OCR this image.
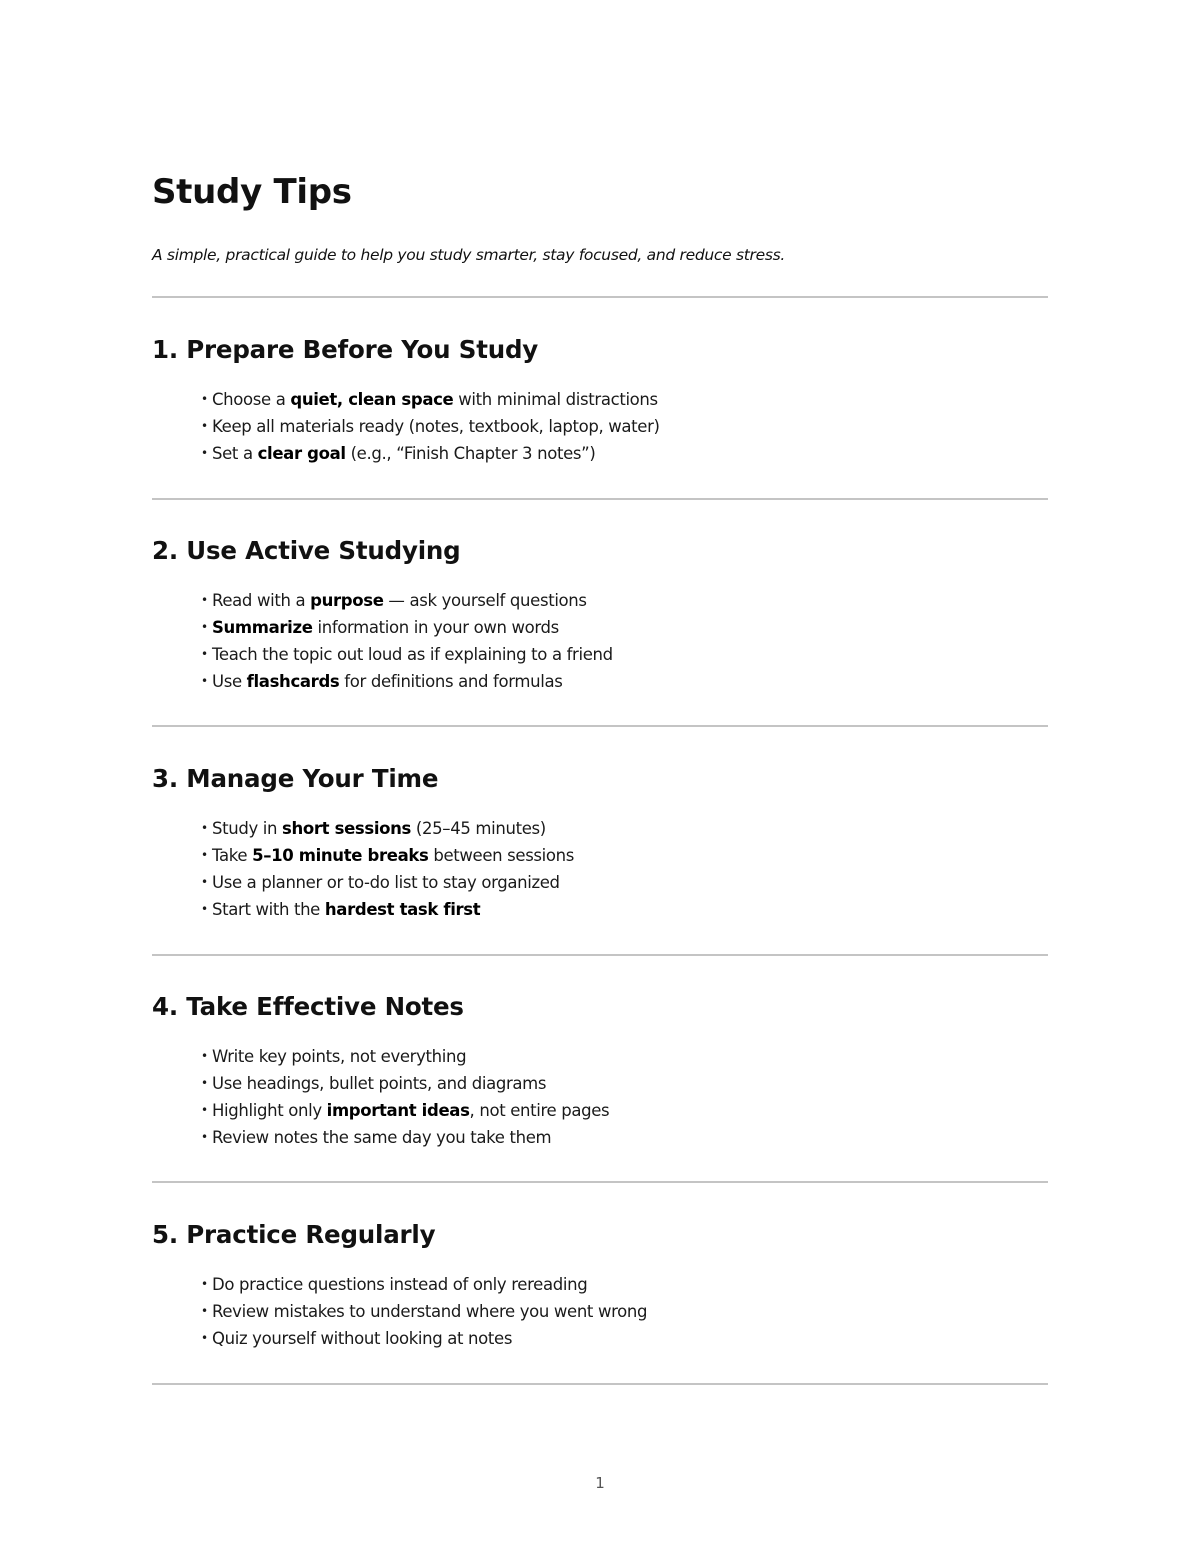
Study Tips

A simple, practical guide to help you study smarter, stay focused, and reduce stress.

1. Prepare Before You Study
• Choose a quiet, clean space with minimal distractions
• Keep all materials ready (notes, textbook, laptop, water)
• Set a clear goal (e.g., “Finish Chapter 3 notes”)
2. Use Active Studying
• Read with a purpose — ask yourself questions
• Summarize information in your own words
• Teach the topic out loud as if explaining to a friend
• Use flashcards for definitions and formulas
3. Manage Your Time
• Study in short sessions (25–45 minutes)
• Take 5–10 minute breaks between sessions
• Use a planner or to-do list to stay organized
• Start with the hardest task first
4. Take Effective Notes
• Write key points, not everything
• Use headings, bullet points, and diagrams
• Highlight only important ideas, not entire pages
• Review notes the same day you take them
5. Practice Regularly
• Do practice questions instead of only rereading
• Review mistakes to understand where you went wrong
• Quiz yourself without looking at notes
1
